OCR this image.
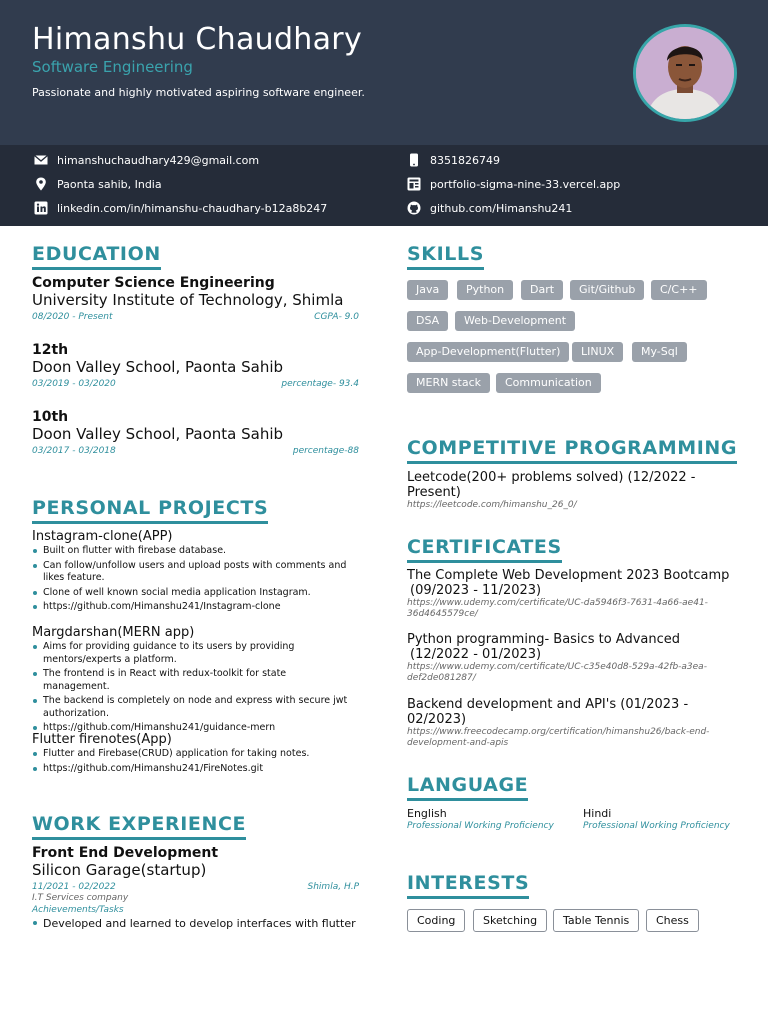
Himanshu Chaudhary
Software Engineering
Passionate and highly motivated aspiring software engineer.
himanshuchaudhary429@gmail.com
Paonta sahib, India
linkedin.com/in/himanshu-chaudhary-b12a8b247
8351826749
portfolio-sigma-nine-33.vercel.app
github.com/Himanshu241
EDUCATION
Computer Science Engineering
University Institute of Technology, Shimla
08/2020 - Present	CGPA- 9.0
12th
Doon Valley School, Paonta Sahib
03/2019 - 03/2020	percentage- 93.4
10th
Doon Valley School, Paonta Sahib
03/2017 - 03/2018	percentage-88
PERSONAL PROJECTS
Instagram-clone(APP)
Built on flutter with firebase database.
Can follow/unfollow users and upload posts with comments and likes feature.
Clone of well known social media application Instagram.
https://github.com/Himanshu241/Instagram-clone
Margdarshan(MERN app)
Aims for providing guidance to its users by providing mentors/experts a platform.
The frontend is in React with redux-toolkit for state management.
The backend is completely on node and express with secure jwt authorization.
https://github.com/Himanshu241/guidance-mern
Flutter firenotes(App)
Flutter and Firebase(CRUD) application for taking notes.
https://github.com/Himanshu241/FireNotes.git
WORK EXPERIENCE
Front End Development
Silicon Garage(startup)
11/2021 - 02/2022	Shimla, H.P
I.T Services company
Achievements/Tasks
Developed and learned to develop interfaces with flutter
SKILLS
Java	Python	Dart	Git/Github	C/C++
DSA	Web-Development
App-Development(Flutter)	LINUX	My-Sql
MERN stack	Communication
COMPETITIVE PROGRAMMING
Leetcode(200+ problems solved) (12/2022 - Present)
https://leetcode.com/himanshu_26_0/
CERTIFICATES
The Complete Web Development 2023 Bootcamp
(09/2023 - 11/2023)
https://www.udemy.com/certificate/UC-da5946f3-7631-4a66-ae41-
36d4645579ce/
Python programming- Basics to Advanced
(12/2022 - 01/2023)
https://www.udemy.com/certificate/UC-c35e40d8-529a-42fb-a3ea-
def2de081287/
Backend development and API's (01/2023 - 02/2023)
https://www.freecodecamp.org/certification/himanshu26/back-end-
development-and-apis
LANGUAGE
English
Professional Working Proficiency
Hindi
Professional Working Proficiency
INTERESTS
Coding	Sketching	Table Tennis	Chess
